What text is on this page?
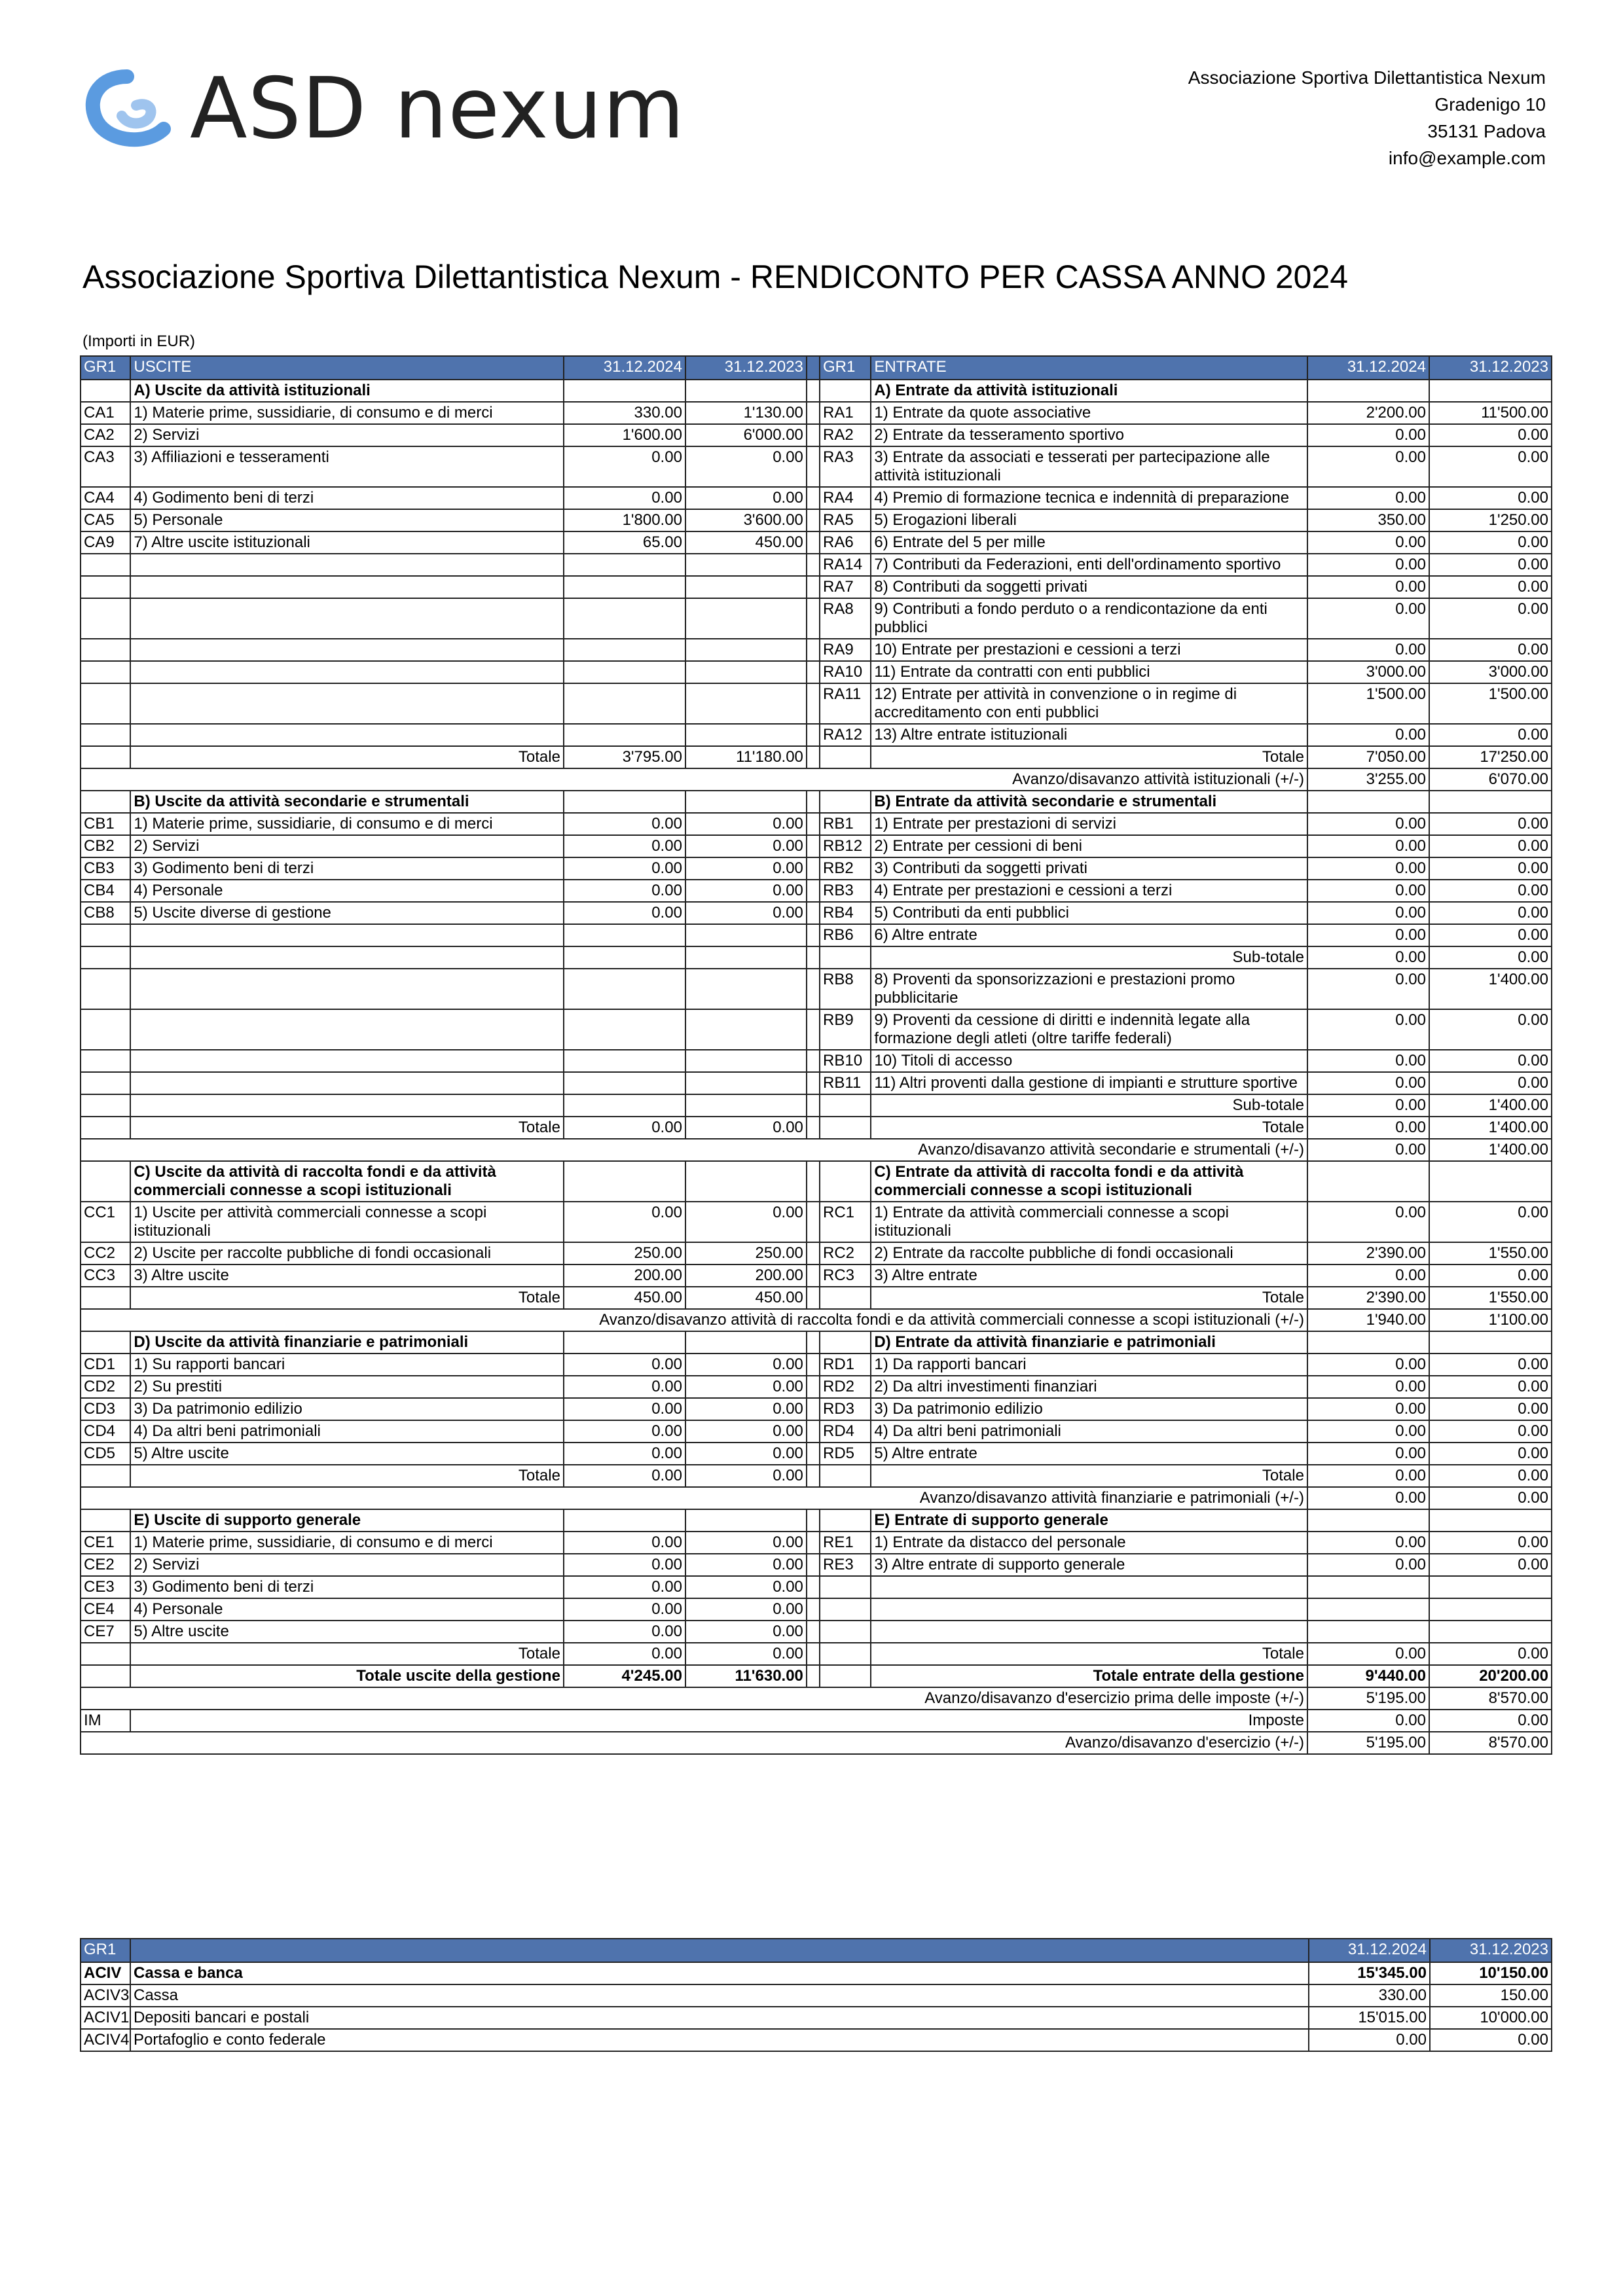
ASD nexum	Associazione Sportiva Dilettantistica Nexum
Gradenigo 10
35131 Padova
info@example.com
Associazione Sportiva Dilettantistica Nexum - RENDICONTO PER CASSA ANNO 2024
(Importi in EUR)
GR1	USCITE	31.12.2024	31.12.2023		GR1	ENTRATE	31.12.2024	31.12.2023
	A) Uscite da attività istituzionali					A) Entrate da attività istituzionali		
CA1	1) Materie prime, sussidiarie, di consumo e di merci	330.00	1'130.00		RA1	1) Entrate da quote associative	2'200.00	11'500.00
CA2	2) Servizi	1'600.00	6'000.00		RA2	2) Entrate da tesseramento sportivo	0.00	0.00
CA3	3) Affiliazioni e tesseramenti	0.00	0.00		RA3	3) Entrate da associati e tesserati per partecipazione alle attività istituzionali	0.00	0.00
CA4	4) Godimento beni di terzi	0.00	0.00		RA4	4) Premio di formazione tecnica e indennità di preparazione	0.00	0.00
CA5	5) Personale	1'800.00	3'600.00		RA5	5) Erogazioni liberali	350.00	1'250.00
CA9	7) Altre uscite istituzionali	65.00	450.00		RA6	6) Entrate del 5 per mille	0.00	0.00
					RA14	7) Contributi da Federazioni, enti dell'ordinamento sportivo	0.00	0.00
					RA7	8) Contributi da soggetti privati	0.00	0.00
					RA8	9) Contributi a fondo perduto o a rendicontazione da enti pubblici	0.00	0.00
					RA9	10) Entrate per prestazioni e cessioni a terzi	0.00	0.00
					RA10	11) Entrate da contratti con enti pubblici	3'000.00	3'000.00
					RA11	12) Entrate per attività in convenzione o in regime di accreditamento con enti pubblici	1'500.00	1'500.00
					RA12	13) Altre entrate istituzionali	0.00	0.00
	Totale	3'795.00	11'180.00			Totale	7'050.00	17'250.00
Avanzo/disavanzo attività istituzionali (+/-)							3'255.00	6'070.00
	B) Uscite da attività secondarie e strumentali					B) Entrate da attività secondarie e strumentali		
CB1	1) Materie prime, sussidiarie, di consumo e di merci	0.00	0.00		RB1	1) Entrate per prestazioni di servizi	0.00	0.00
CB2	2) Servizi	0.00	0.00		RB12	2) Entrate per cessioni di beni	0.00	0.00
CB3	3) Godimento beni di terzi	0.00	0.00		RB2	3) Contributi da soggetti privati	0.00	0.00
CB4	4) Personale	0.00	0.00		RB3	4) Entrate per prestazioni e cessioni a terzi	0.00	0.00
CB8	5) Uscite diverse di gestione	0.00	0.00		RB4	5) Contributi da enti pubblici	0.00	0.00
					RB6	6) Altre entrate	0.00	0.00
						Sub-totale	0.00	0.00
					RB8	8) Proventi da sponsorizzazioni e prestazioni promo pubblicitarie	0.00	1'400.00
					RB9	9) Proventi da cessione di diritti e indennità legate alla formazione degli atleti (oltre tariffe federali)	0.00	0.00
					RB10	10) Titoli di accesso	0.00	0.00
					RB11	11) Altri proventi dalla gestione di impianti e strutture sportive	0.00	0.00
						Sub-totale	0.00	1'400.00
	Totale	0.00	0.00			Totale	0.00	1'400.00
Avanzo/disavanzo attività secondarie e strumentali (+/-)							0.00	1'400.00
	C) Uscite da attività di raccolta fondi e da attività commerciali connesse a scopi istituzionali					C) Entrate da attività di raccolta fondi e da attività commerciali connesse a scopi istituzionali		
CC1	1) Uscite per attività commerciali connesse a scopi istituzionali	0.00	0.00		RC1	1) Entrate da attività commerciali connesse a scopi istituzionali	0.00	0.00
CC2	2) Uscite per raccolte pubbliche di fondi occasionali	250.00	250.00		RC2	2) Entrate da raccolte pubbliche di fondi occasionali	2'390.00	1'550.00
CC3	3) Altre uscite	200.00	200.00		RC3	3) Altre entrate	0.00	0.00
	Totale	450.00	450.00			Totale	2'390.00	1'550.00
Avanzo/disavanzo attività di raccolta fondi e da attività commerciali connesse a scopi istituzionali (+/-)							1'940.00	1'100.00
	D) Uscite da attività finanziarie e patrimoniali					D) Entrate da attività finanziarie e patrimoniali		
CD1	1) Su rapporti bancari	0.00	0.00		RD1	1) Da rapporti bancari	0.00	0.00
CD2	2) Su prestiti	0.00	0.00		RD2	2) Da altri investimenti finanziari	0.00	0.00
CD3	3) Da patrimonio edilizio	0.00	0.00		RD3	3) Da patrimonio edilizio	0.00	0.00
CD4	4) Da altri beni patrimoniali	0.00	0.00		RD4	4) Da altri beni patrimoniali	0.00	0.00
CD5	5) Altre uscite	0.00	0.00		RD5	5) Altre entrate	0.00	0.00
	Totale	0.00	0.00			Totale	0.00	0.00
Avanzo/disavanzo attività finanziarie e patrimoniali (+/-)							0.00	0.00
	E) Uscite di supporto generale					E) Entrate di supporto generale		
CE1	1) Materie prime, sussidiarie, di consumo e di merci	0.00	0.00		RE1	1) Entrate da distacco del personale	0.00	0.00
CE2	2) Servizi	0.00	0.00		RE3	3) Altre entrate di supporto generale	0.00	0.00
CE3	3) Godimento beni di terzi	0.00	0.00					
CE4	4) Personale	0.00	0.00					
CE7	5) Altre uscite	0.00	0.00					
	Totale	0.00	0.00			Totale	0.00	0.00
	Totale uscite della gestione	4'245.00	11'630.00			Totale entrate della gestione	9'440.00	20'200.00
Avanzo/disavanzo d'esercizio prima delle imposte (+/-)							5'195.00	8'570.00
IM	Imposte						0.00	0.00
Avanzo/disavanzo d'esercizio (+/-)							5'195.00	8'570.00
GR1		31.12.2024	31.12.2023
ACIV	Cassa e banca	15'345.00	10'150.00
ACIV3	Cassa	330.00	150.00
ACIV1	Depositi bancari e postali	15'015.00	10'000.00
ACIV4	Portafoglio e conto federale	0.00	0.00
